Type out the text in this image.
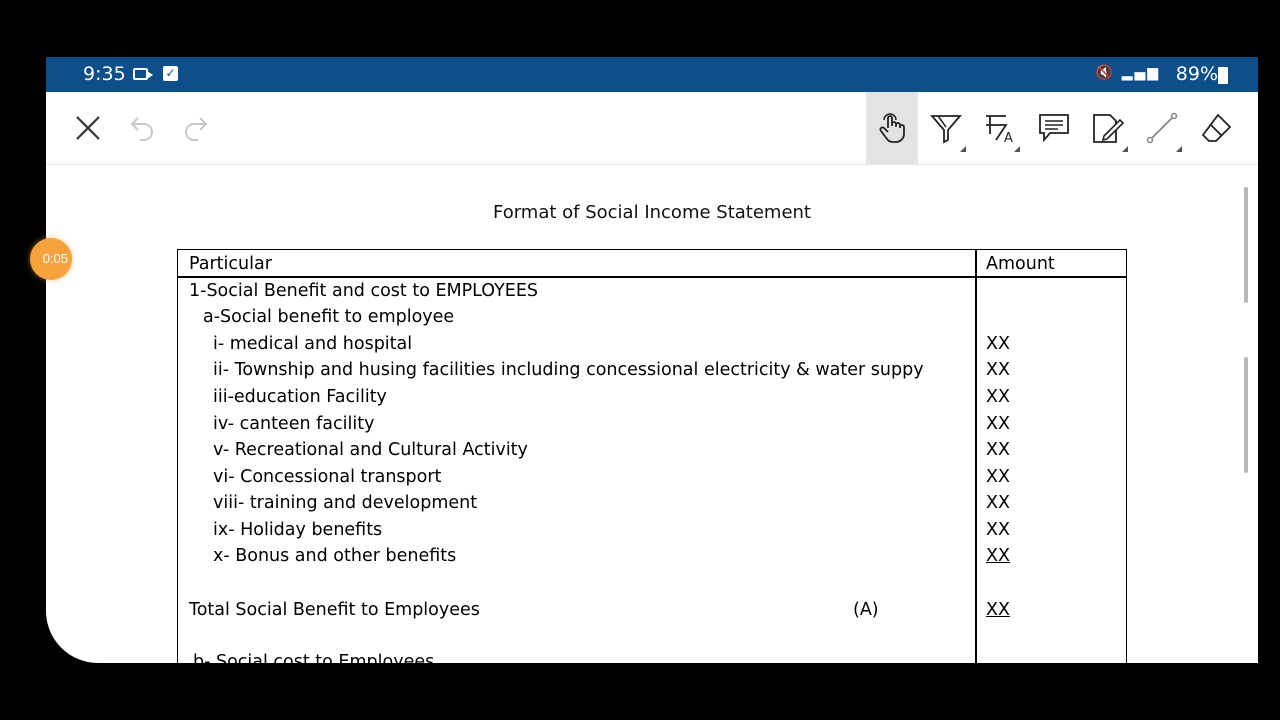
9:35	✓	🔇 ▂▄▆ 89%
A
Format of Social Income Statement
Particular	Amount
1-Social Benefit and cost to EMPLOYEES
a-Social benefit to employee
i- medical and hospital	XX
ii- Township and husing facilities including concessional electricity & water suppy	XX
iii-education Facility	XX
iv- canteen facility	XX
v- Recreational and Cultural Activity	XX
vi- Concessional transport	XX
viii- training and development	XX
ix- Holiday benefits	XX
x- Bonus and other benefits	XX
Total Social Benefit to Employees	(A)	XX
b- Social cost to Employees
0:05
